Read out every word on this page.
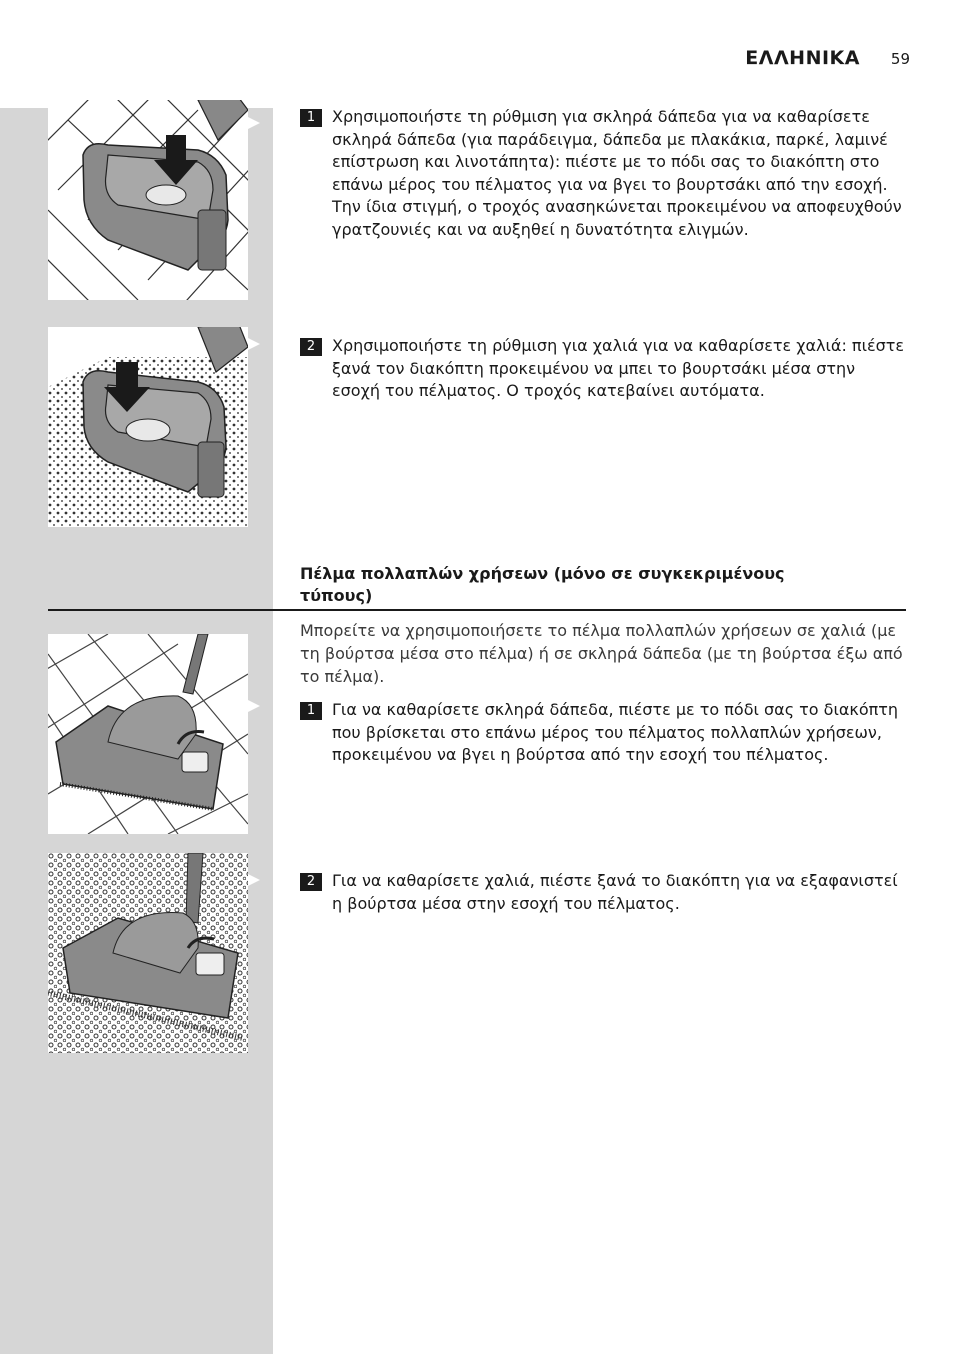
ΕΛΛΗΝΙΚΑ	59
1	Χρησιμοποιήστε τη ρύθμιση για σκληρά δάπεδα για να καθαρίσετε σκληρά δάπεδα (για παράδειγμα, δάπεδα με πλακάκια, παρκέ, λαμινέ επίστρωση και λινοτάπητα): πιέστε με το πόδι σας το διακόπτη στο επάνω μέρος του πέλματος για να βγει το βουρτσάκι από την εσοχή. Την ίδια στιγμή, ο τροχός ανασηκώνεται προκειμένου να αποφευχθούν γρατζουνιές και να αυξηθεί η δυνατότητα ελιγμών.
2	Χρησιμοποιήστε τη ρύθμιση για χαλιά για να καθαρίσετε χαλιά: πιέστε ξανά τον διακόπτη προκειμένου να μπει το βουρτσάκι μέσα στην εσοχή του πέλματος. Ο τροχός κατεβαίνει αυτόματα.
Πέλμα πολλαπλών χρήσεων (μόνο σε συγκεκριμένους τύπους)
Μπορείτε να χρησιμοποιήσετε το πέλμα πολλαπλών χρήσεων σε χαλιά (με τη βούρτσα μέσα στο πέλμα) ή σε σκληρά δάπεδα (με τη βούρτσα έξω από το πέλμα).
1	Για να καθαρίσετε σκληρά δάπεδα, πιέστε με το πόδι σας το διακόπτη που βρίσκεται στο επάνω μέρος του πέλματος πολλαπλών χρήσεων, προκειμένου να βγει η βούρτσα από την εσοχή του πέλματος.
2	Για να καθαρίσετε χαλιά, πιέστε ξανά το διακόπτη για να εξαφανιστεί η βούρτσα μέσα στην εσοχή του πέλματος.
